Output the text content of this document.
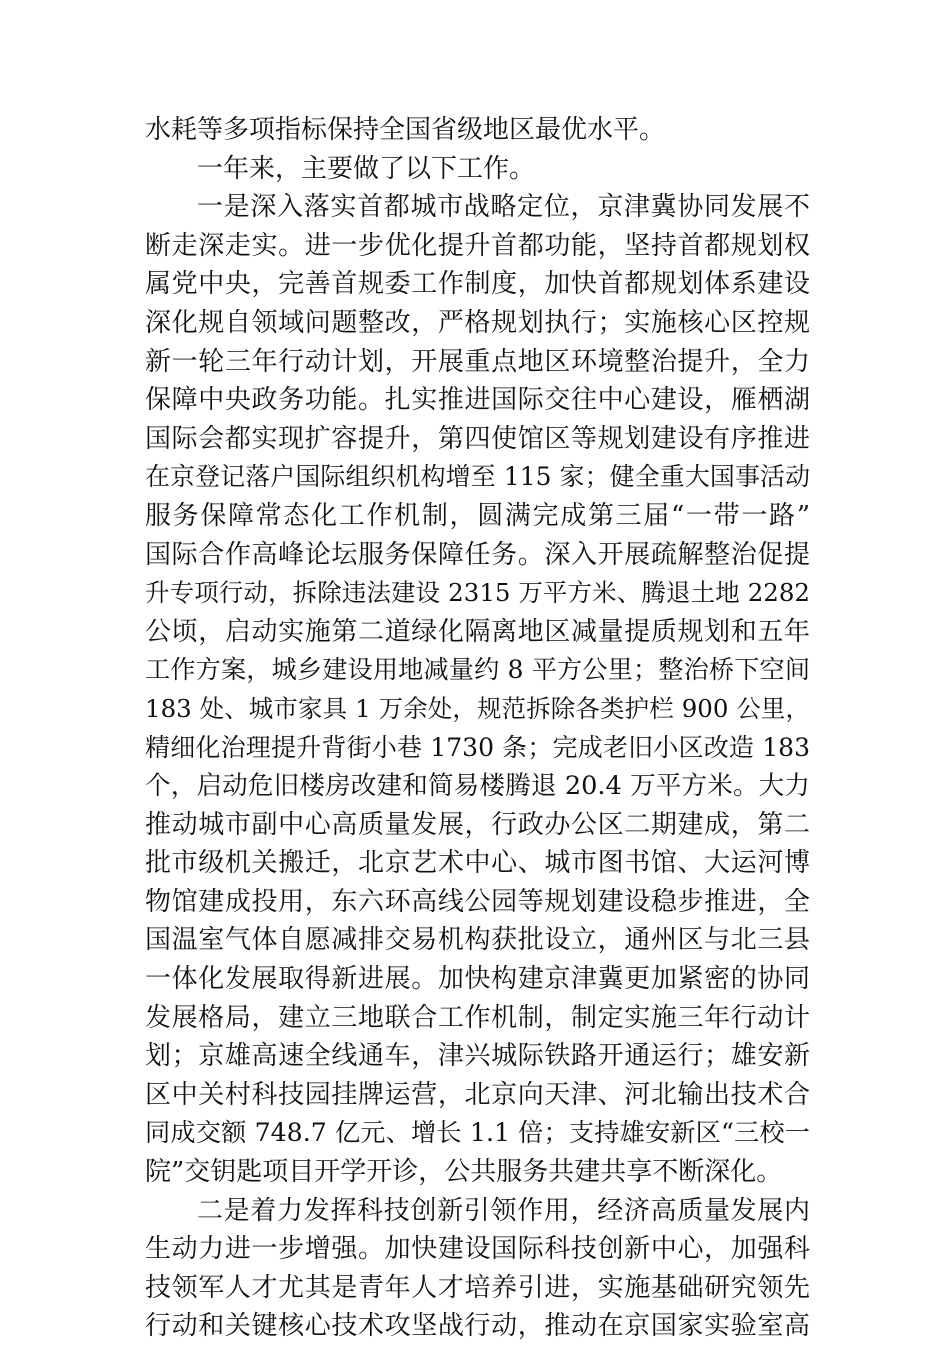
水耗等多项指标保持全国省级地区最优水平。
一年来，主要做了以下工作。
一是深入落实首都城市战略定位，京津冀协同发展不
断走深走实。进一步优化提升首都功能，坚持首都规划权
属党中央，完善首规委工作制度，加快首都规划体系建设
深化规自领域问题整改，严格规划执行；实施核心区控规
新一轮三年行动计划，开展重点地区环境整治提升，全力
保障中央政务功能。扎实推进国际交往中心建设，雁栖湖
国际会都实现扩容提升，第四使馆区等规划建设有序推进
在京登记落户国际组织机构增至 115 家；健全重大国事活动
服务保障常态化工作机制，圆满完成第三届“一带一路”
国际合作高峰论坛服务保障任务。深入开展疏解整治促提
升专项行动，拆除违法建设 2315 万平方米、腾退土地 2282
公顷，启动实施第二道绿化隔离地区减量提质规划和五年
工作方案，城乡建设用地减量约 8 平方公里；整治桥下空间
183 处、城市家具 1 万余处，规范拆除各类护栏 900 公里，
精细化治理提升背街小巷 1730 条；完成老旧小区改造 183
个，启动危旧楼房改建和简易楼腾退 20.4 万平方米。大力
推动城市副中心高质量发展，行政办公区二期建成，第二
批市级机关搬迁，北京艺术中心、城市图书馆、大运河博
物馆建成投用，东六环高线公园等规划建设稳步推进，全
国温室气体自愿减排交易机构获批设立，通州区与北三县
一体化发展取得新进展。加快构建京津冀更加紧密的协同
发展格局，建立三地联合工作机制，制定实施三年行动计
划；京雄高速全线通车，津兴城际铁路开通运行；雄安新
区中关村科技园挂牌运营，北京向天津、河北输出技术合
同成交额 748.7 亿元、增长 1.1 倍；支持雄安新区“三校一
院”交钥匙项目开学开诊，公共服务共建共享不断深化。
二是着力发挥科技创新引领作用，经济高质量发展内
生动力进一步增强。加快建设国际科技创新中心，加强科
技领军人才尤其是青年人才培养引进，实施基础研究领先
行动和关键核心技术攻坚战行动，推动在京国家实验室高
